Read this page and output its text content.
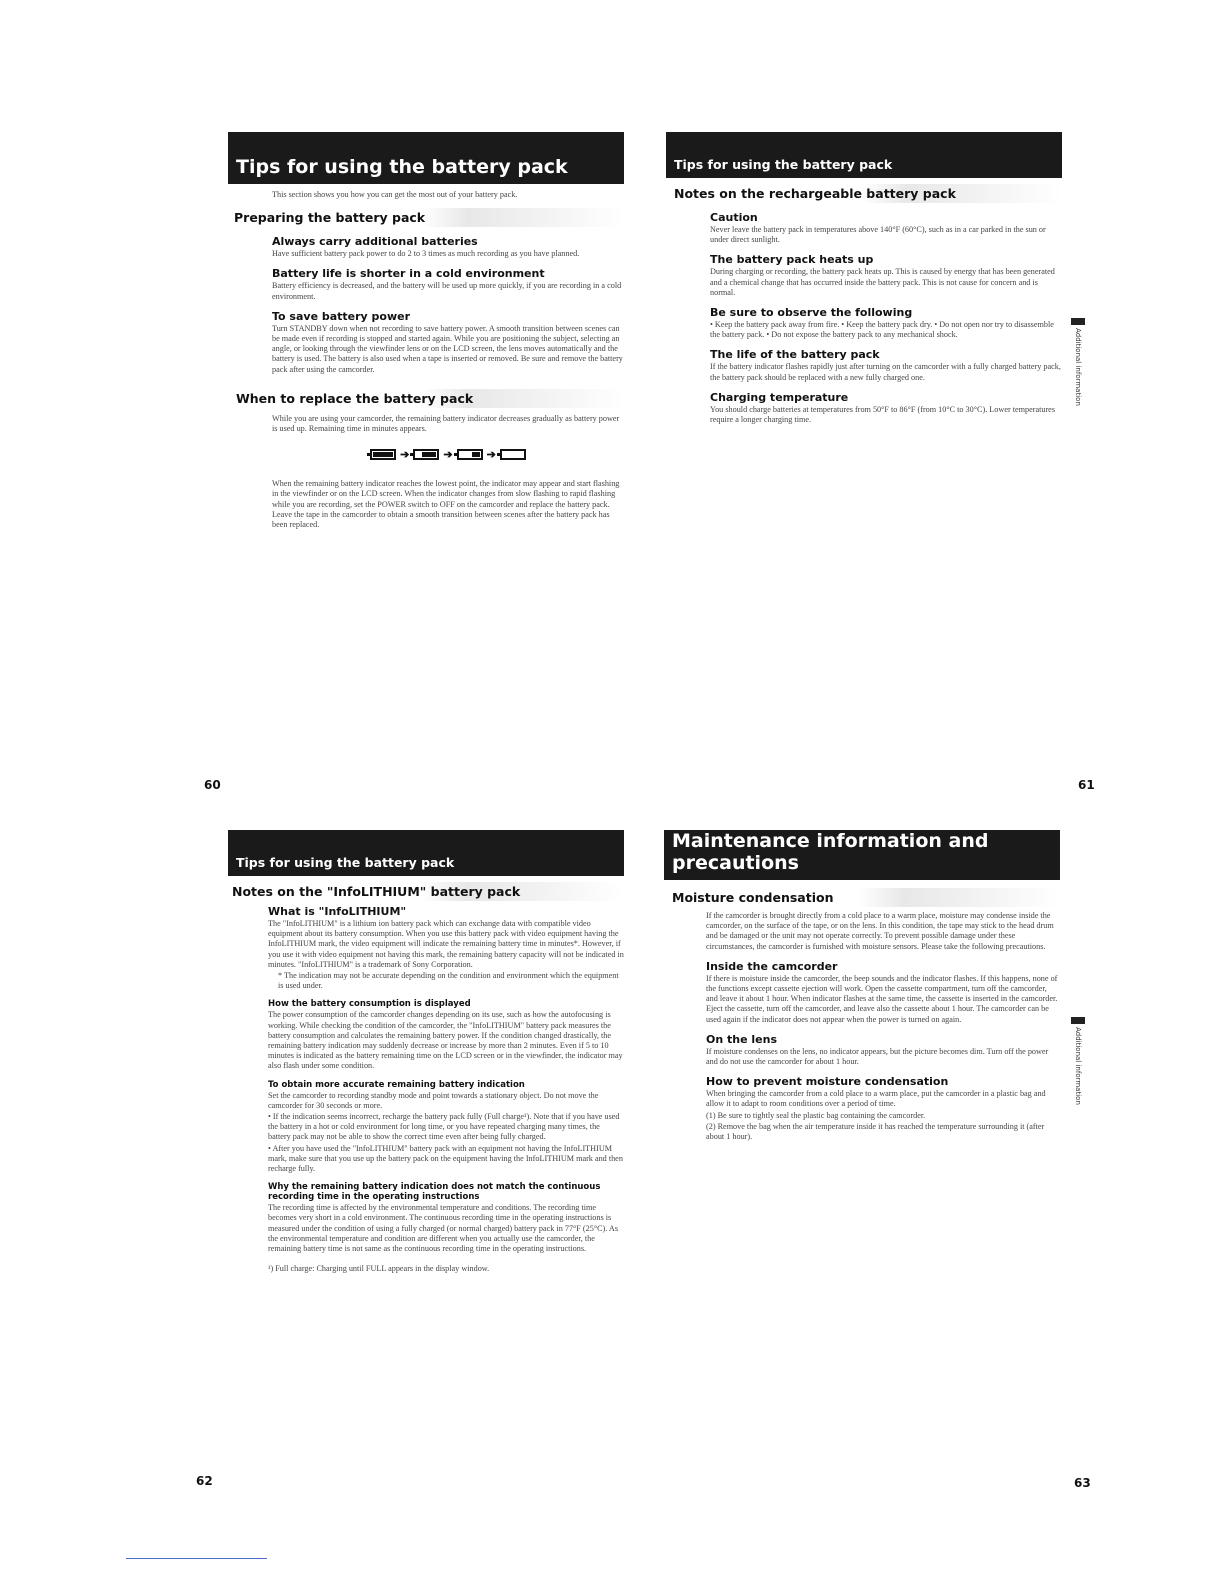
Tips for using the battery pack
This section shows you how you can get the most out of your battery pack.
Preparing the battery pack
Always carry additional batteries
Have sufficient battery pack power to do 2 to 3 times as much recording as you have planned.
Battery life is shorter in a cold environment
Battery efficiency is decreased, and the battery will be used up more quickly, if you are recording in a cold environment.
To save battery power
Turn STANDBY down when not recording to save battery power. A smooth transition between scenes can be made even if recording is stopped and started again. While you are positioning the subject, selecting an angle, or looking through the viewfinder lens or on the LCD screen, the lens moves automatically and the battery is used. The battery is also used when a tape is inserted or removed. Be sure and remove the battery pack after using the camcorder.
When to replace the battery pack
While you are using your camcorder, the remaining battery indicator decreases gradually as battery power is used up. Remaining time in minutes appears.
➔	➔	➔
When the remaining battery indicator reaches the lowest point, the indicator may appear and start flashing in the viewfinder or on the LCD screen. When the indicator changes from slow flashing to rapid flashing while you are recording, set the POWER switch to OFF on the camcorder and replace the battery pack. Leave the tape in the camcorder to obtain a smooth transition between scenes after the battery pack has been replaced.
60
Tips for using the battery pack
Notes on the rechargeable battery pack
Caution
Never leave the battery pack in temperatures above 140°F (60°C), such as in a car parked in the sun or under direct sunlight.
The battery pack heats up
During charging or recording, the battery pack heats up. This is caused by energy that has been generated and a chemical change that has occurred inside the battery pack. This is not cause for concern and is normal.
Be sure to observe the following
• Keep the battery pack away from fire. • Keep the battery pack dry. • Do not open nor try to disassemble the battery pack. • Do not expose the battery pack to any mechanical shock.
The life of the battery pack
If the battery indicator flashes rapidly just after turning on the camcorder with a fully charged battery pack, the battery pack should be replaced with a new fully charged one.
Charging temperature
You should charge batteries at temperatures from 50°F to 86°F (from 10°C to 30°C). Lower temperatures require a longer charging time.
Additional information
61
Tips for using the battery pack
Notes on the "InfoLITHIUM" battery pack
What is "InfoLITHIUM"
The "InfoLITHIUM" is a lithium ion battery pack which can exchange data with compatible video equipment about its battery consumption. When you use this battery pack with video equipment having the InfoLITHIUM mark, the video equipment will indicate the remaining battery time in minutes*. However, if you use it with video equipment not having this mark, the remaining battery capacity will not be indicated in minutes. "InfoLITHIUM" is a trademark of Sony Corporation.
* The indication may not be accurate depending on the condition and environment which the equipment is used under.
How the battery consumption is displayed
The power consumption of the camcorder changes depending on its use, such as how the autofocusing is working. While checking the condition of the camcorder, the "InfoLITHIUM" battery pack measures the battery consumption and calculates the remaining battery power. If the condition changed drastically, the remaining battery indication may suddenly decrease or increase by more than 2 minutes. Even if 5 to 10 minutes is indicated as the battery remaining time on the LCD screen or in the viewfinder, the indicator may also flash under some condition.
To obtain more accurate remaining battery indication
Set the camcorder to recording standby mode and point towards a stationary object. Do not move the camcorder for 30 seconds or more.
• If the indication seems incorrect, recharge the battery pack fully (Full charge¹). Note that if you have used the battery in a hot or cold environment for long time, or you have repeated charging many times, the battery pack may not be able to show the correct time even after being fully charged.
• After you have used the "InfoLITHIUM" battery pack with an equipment not having the InfoLITHIUM mark, make sure that you use up the battery pack on the equipment having the InfoLITHIUM mark and then recharge fully.
Why the remaining battery indication does not match the continuous recording time in the operating instructions
The recording time is affected by the environmental temperature and conditions. The recording time becomes very short in a cold environment. The continuous recording time in the operating instructions is measured under the condition of using a fully charged (or normal charged) battery pack in 77°F (25°C). As the environmental temperature and condition are different when you actually use the camcorder, the remaining battery time is not same as the continuous recording time in the operating instructions.
¹) Full charge: Charging until FULL appears in the display window.
62
Maintenance information and precautions
Moisture condensation
If the camcorder is brought directly from a cold place to a warm place, moisture may condense inside the camcorder, on the surface of the tape, or on the lens. In this condition, the tape may stick to the head drum and be damaged or the unit may not operate correctly. To prevent possible damage under these circumstances, the camcorder is furnished with moisture sensors. Please take the following precautions.
Inside the camcorder
If there is moisture inside the camcorder, the beep sounds and the indicator flashes. If this happens, none of the functions except cassette ejection will work. Open the cassette compartment, turn off the camcorder, and leave it about 1 hour. When indicator flashes at the same time, the cassette is inserted in the camcorder. Eject the cassette, turn off the camcorder, and leave also the cassette about 1 hour. The camcorder can be used again if the indicator does not appear when the power is turned on again.
On the lens
If moisture condenses on the lens, no indicator appears, but the picture becomes dim. Turn off the power and do not use the camcorder for about 1 hour.
How to prevent moisture condensation
When bringing the camcorder from a cold place to a warm place, put the camcorder in a plastic bag and allow it to adapt to room conditions over a period of time.
(1) Be sure to tightly seal the plastic bag containing the camcorder.
(2) Remove the bag when the air temperature inside it has reached the temperature surrounding it (after about 1 hour).
Additional information
63
